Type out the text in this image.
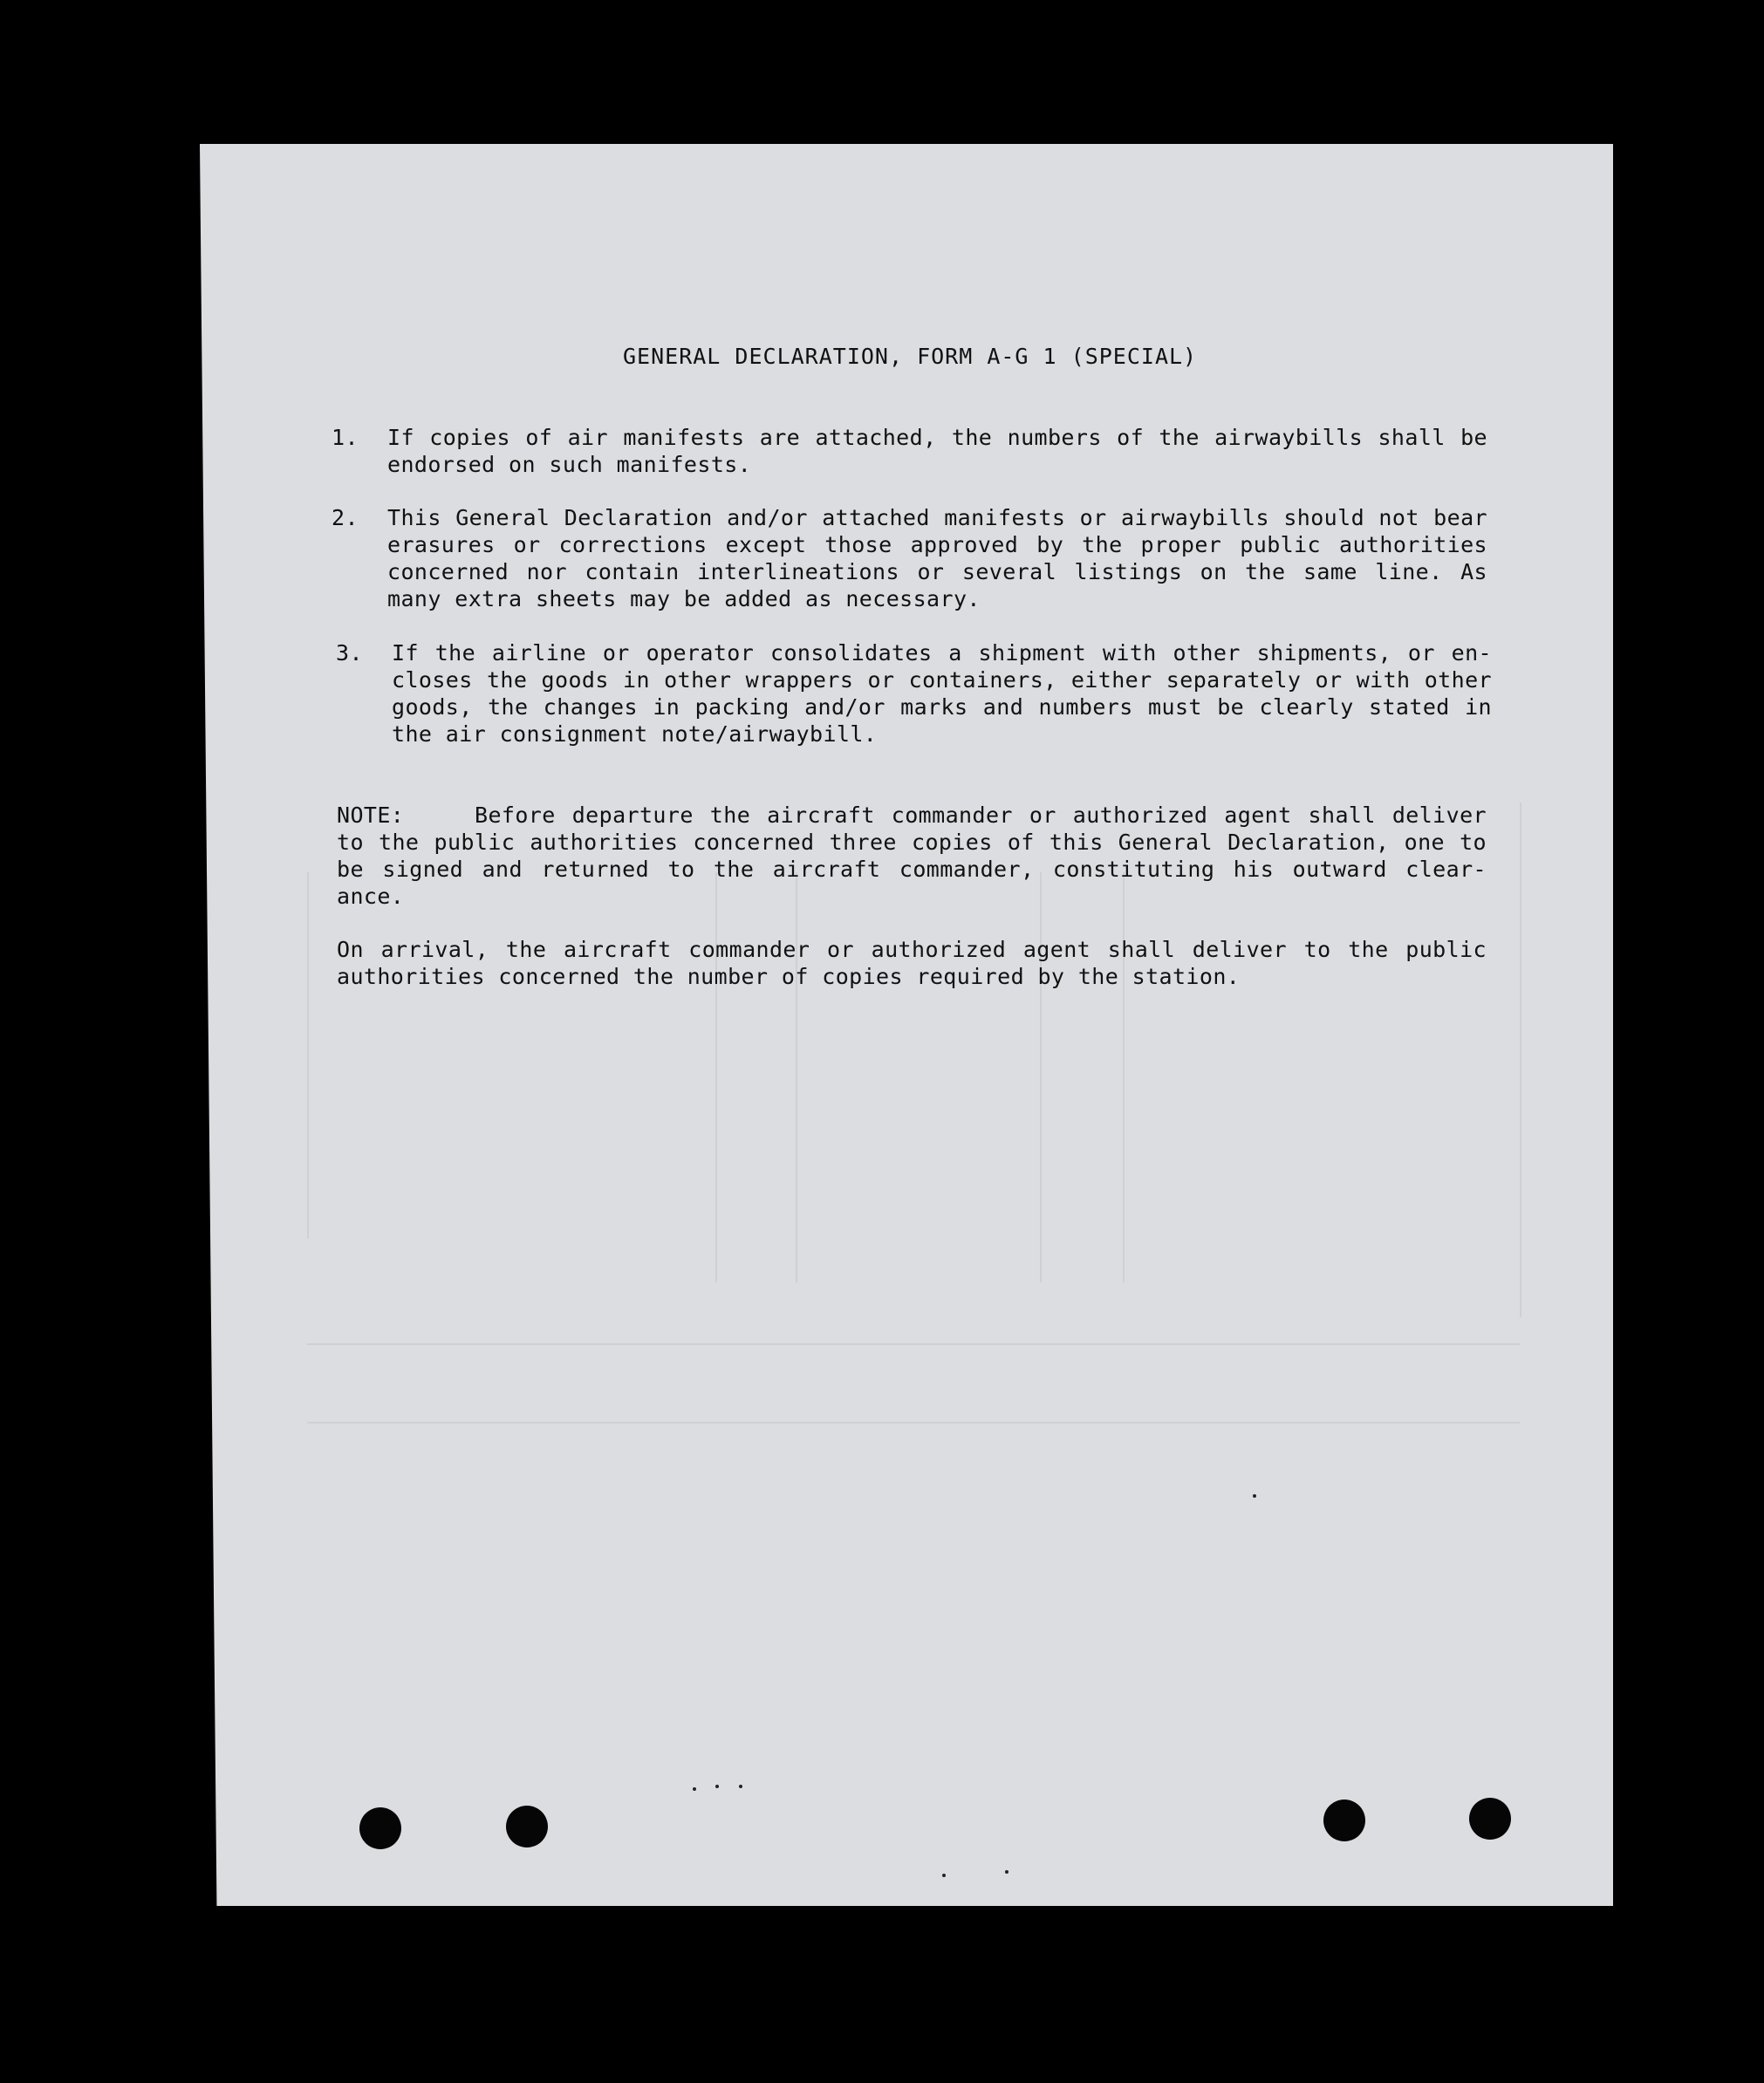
GENERAL DECLARATION, FORM A-G 1 (SPECIAL)
1. If copies of air manifests are attached, the numbers of the airwaybills shall be endorsed on such manifests.
2. This General Declaration and/or attached manifests or airwaybills should not bear erasures or corrections except those approved by the proper public authorities concerned nor contain interlineations or several listings on the same line. As many extra sheets may be added as necessary.
3. If the airline or operator consolidates a shipment with other shipments, or en-closes the goods in other wrappers or containers, either separately or with other goods, the changes in packing and/or marks and numbers must be clearly stated in the air consignment note/airwaybill.
NOTE:	Before departure the aircraft commander or authorized agent shall deliver to the public authorities concerned three copies of this General Declaration, one to be signed and returned to the aircraft commander, constituting his outward clear-ance.
On arrival, the aircraft commander or authorized agent shall deliver to the public authorities concerned the number of copies required by the station.
